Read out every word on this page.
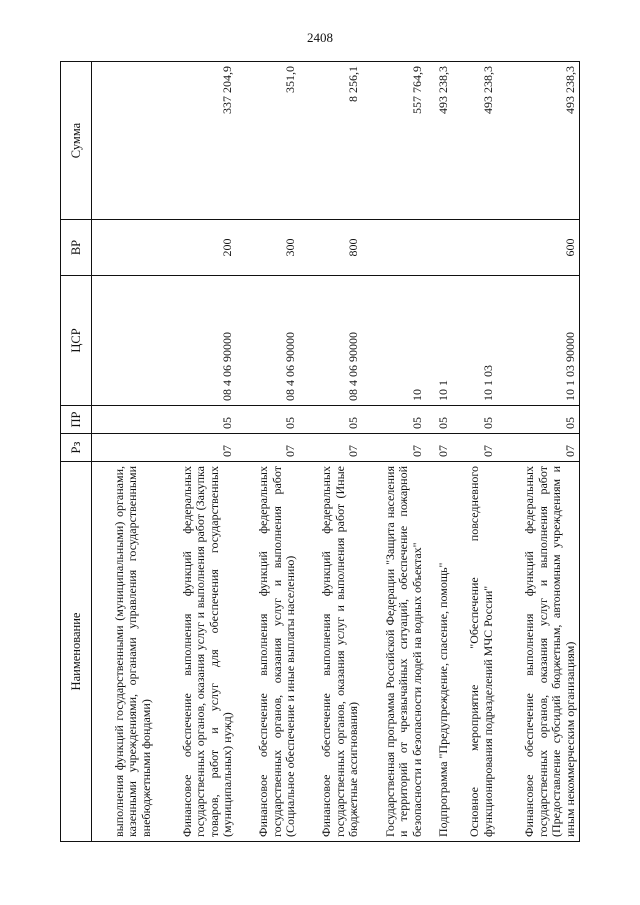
2408
Наименование	Рз	ПР	ЦСР	ВР	Сумма
выполнения функций государственными (муниципальными) органами, казенными учреждениями, органами управления государственными внебюджетными фондами)					
Финансовое обеспечение выполнения функций федеральных государственных органов, оказания услуг и выполнения работ (Закупка товаров, работ и услуг для обеспечения государственных (муниципальных) нужд)	07	05	08 4 06 90000	200	337 204,9
Финансовое обеспечение выполнения функций федеральных государственных органов, оказания услуг и выполнения работ (Социальное обеспечение и иные выплаты населению)	07	05	08 4 06 90000	300	351,0
Финансовое обеспечение выполнения функций федеральных государственных органов, оказания услуг и выполнения работ (Иные бюджетные ассигнования)	07	05	08 4 06 90000	800	8 256,1
Государственная программа Российской Федерации "Защита населения и территорий от чрезвычайных ситуаций, обеспечение пожарной безопасности и безопасности людей на водных объектах"	07	05	10		557 764,9
Подпрограмма "Предупреждение, спасение, помощь"	07	05	10 1		493 238,3
Основное мероприятие "Обеспечение повседневного функционирования подразделений МЧС России"	07	05	10 1 03		493 238,3
Финансовое обеспечение выполнения функций федеральных государственных органов, оказания услуг и выполнения работ (Предоставление субсидий бюджетным, автономным учреждениям и иным некоммерческим организациям)	07	05	10 1 03 90000	600	493 238,3
